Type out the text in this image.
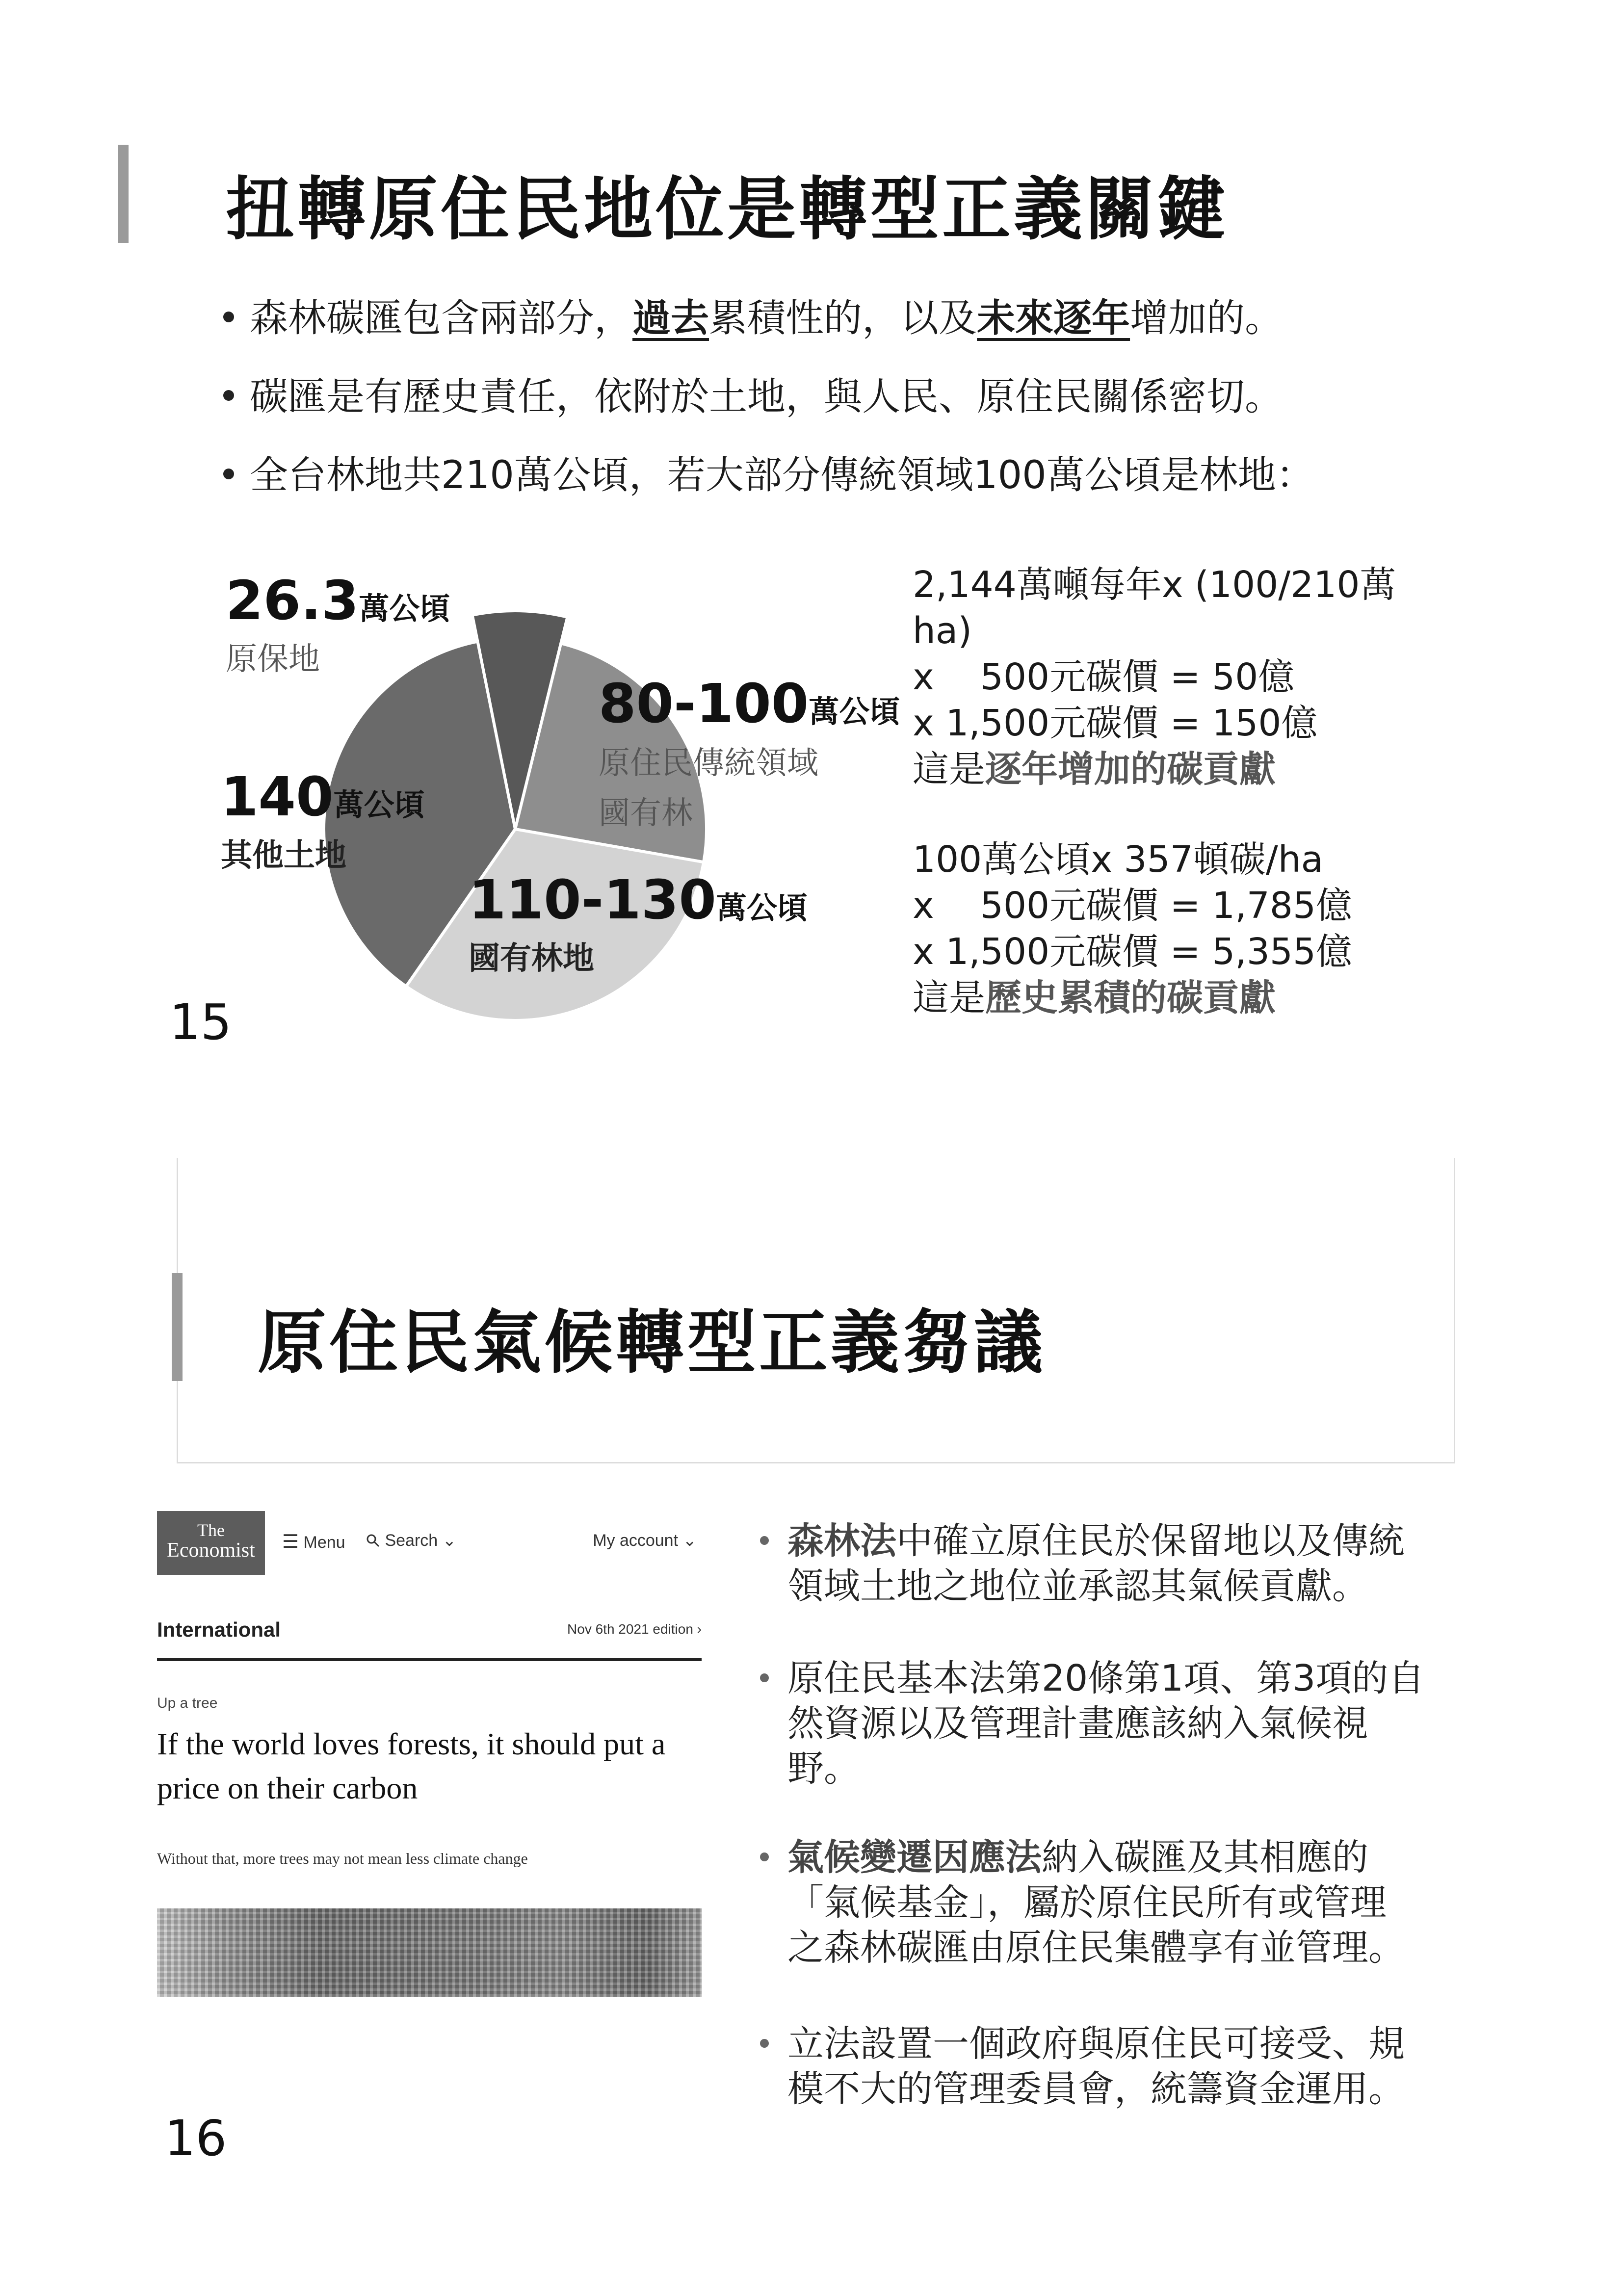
扭轉原住民地位是轉型正義關鍵
森林碳匯包含兩部分，過去累積性的，以及未來逐年增加的。
碳匯是有歷史責任，依附於土地，與人民、原住民關係密切。
全台林地共210萬公頃，若大部分傳統領域100萬公頃是林地：
26.3萬公頃
原保地
80-100萬公頃
原住民傳統領域
國有林
140萬公頃
其他土地
110-130萬公頃
國有林地
2,144萬噸每年x (100/210萬
ha)
x    500元碳價 = 50億
x 1,500元碳價 = 150億
這是逐年增加的碳貢獻
100萬公頃x 357頓碳/ha
x    500元碳價 = 1,785億
x 1,500元碳價 = 5,355億
這是歷史累積的碳貢獻
15
原住民氣候轉型正義芻議
The
Economist	☰ Menu	Search ⌄	My account ⌄
International	Nov 6th 2021 edition ›
Up a tree
If the world loves forests, it should put a
price on their carbon
Without that, more trees may not mean less climate change
森林法中確立原住民於保留地以及傳統
領域土地之地位並承認其氣候貢獻。
原住民基本法第20條第1項、第3項的自
然資源以及管理計畫應該納入氣候視
野。
氣候變遷因應法納入碳匯及其相應的
「氣候基金」，屬於原住民所有或管理
之森林碳匯由原住民集體享有並管理。
立法設置一個政府與原住民可接受、規
模不大的管理委員會，統籌資金運用。
16
